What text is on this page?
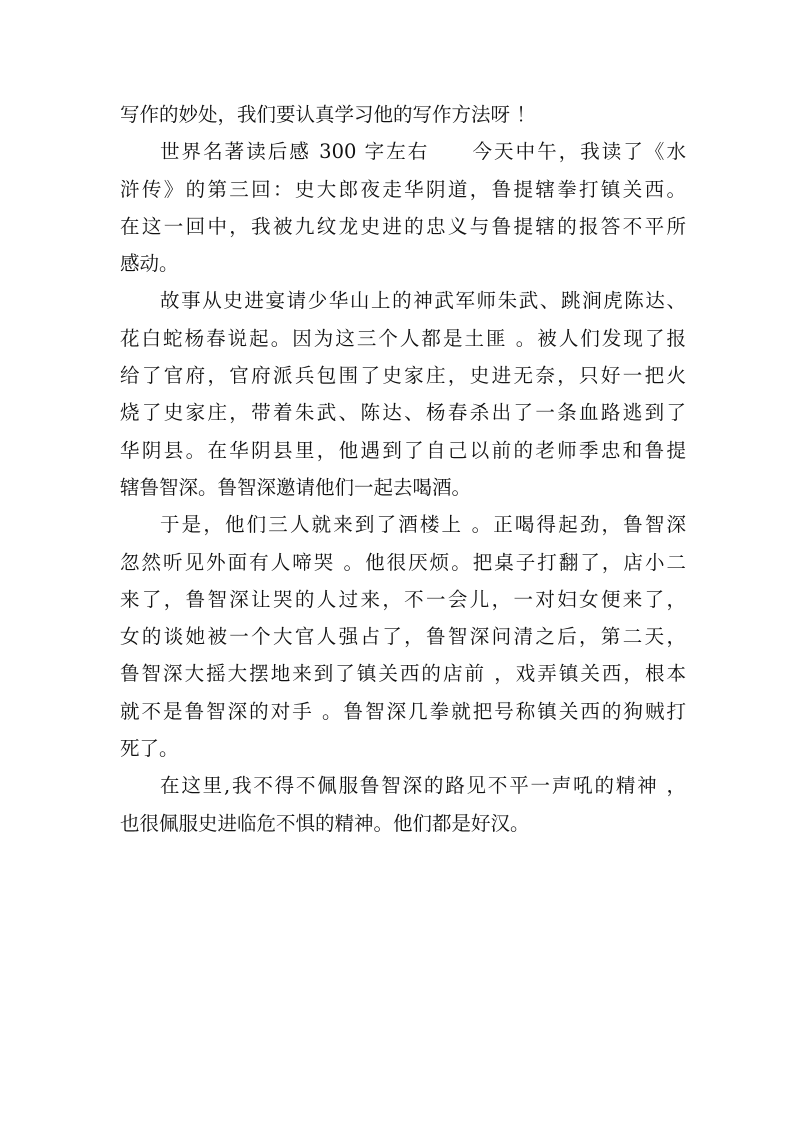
写作的妙处，我们要认真学习他的写作方法呀 ！
世界名著读后感 300 字左右　　今天中午，我读了《水
浒传》的第三回：史大郎夜走华阴道，鲁提辖拳打镇关西。
在这一回中，我被九纹龙史进的忠义与鲁提辖的报答不平所
感动。
故事从史进宴请少华山上的神武军师朱武、跳涧虎陈达、
花白蛇杨春说起。因为这三个人都是土匪 。被人们发现了报
给了官府，官府派兵包围了史家庄，史进无奈，只好一把火
烧了史家庄，带着朱武、陈达、杨春杀出了一条血路逃到了
华阴县。在华阴县里，他遇到了自己以前的老师季忠和鲁提
辖鲁智深。鲁智深邀请他们一起去喝酒。
于是，他们三人就来到了酒楼上 。正喝得起劲，鲁智深
忽然听见外面有人啼哭 。他很厌烦。把桌子打翻了，店小二
来了，鲁智深让哭的人过来，不一会儿，一对妇女便来了，
女的谈她被一个大官人强占了，鲁智深问清之后，第二天，
鲁智深大摇大摆地来到了镇关西的店前 ，戏弄镇关西，根本
就不是鲁智深的对手 。鲁智深几拳就把号称镇关西的狗贼打
死了。
在这里,我不得不佩服鲁智深的路见不平一声吼的精神 ，
也很佩服史进临危不惧的精神。他们都是好汉。
